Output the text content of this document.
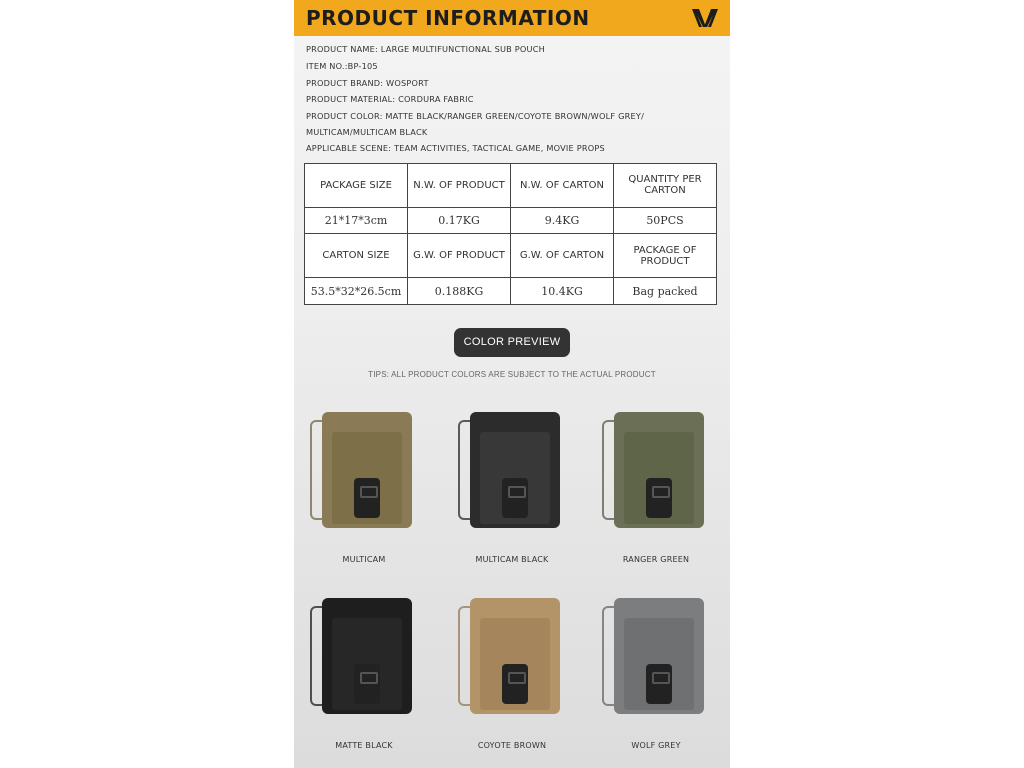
PRODUCT INFORMATION
PRODUCT NAME: LARGE MULTIFUNCTIONAL SUB POUCH
ITEM NO.:BP-105
PRODUCT BRAND: WOSPORT
PRODUCT MATERIAL: CORDURA FABRIC
PRODUCT COLOR: MATTE BLACK/RANGER GREEN/COYOTE BROWN/WOLF GREY/
MULTICAM/MULTICAM BLACK
APPLICABLE SCENE: TEAM ACTIVITIES, TACTICAL GAME, MOVIE PROPS
PACKAGE SIZE	N.W. OF PRODUCT	N.W. OF CARTON	QUANTITY PER CARTON
21*17*3cm	0.17KG	9.4KG	50PCS
CARTON SIZE	G.W. OF PRODUCT	G.W. OF CARTON	PACKAGE OF PRODUCT
53.5*32*26.5cm	0.188KG	10.4KG	Bag packed
COLOR PREVIEW
TIPS: ALL PRODUCT COLORS ARE SUBJECT TO THE ACTUAL PRODUCT
MULTICAM	MULTICAM BLACK	RANGER GREEN
MATTE BLACK	COYOTE BROWN	WOLF GREY
